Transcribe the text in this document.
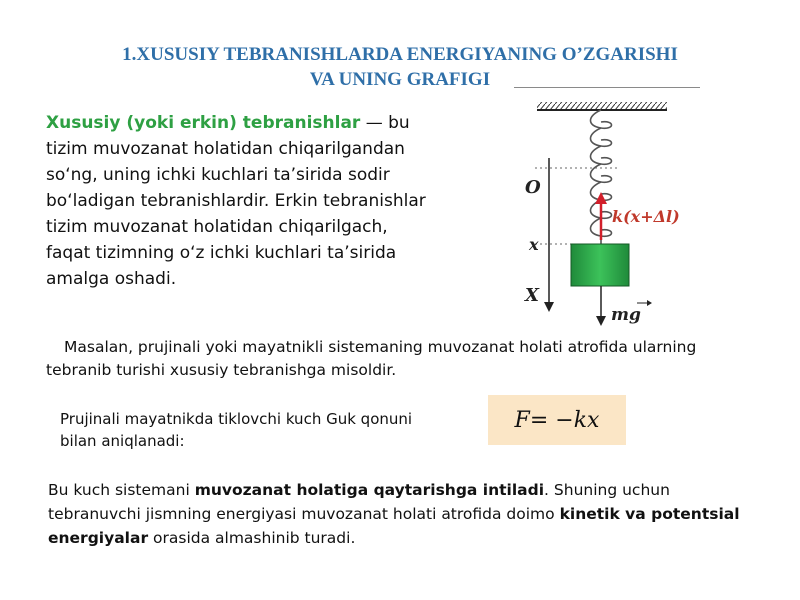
1.XUSUSIY TEBRANISHLARDA ENERGIYANING O’ZGARISHI
VA UNING GRAFIGI
Xususiy (yoki erkin) tebranishlar — bu tizim muvozanat holatidan chiqarilgandan so‘ng, uning ichki kuchlari ta’sirida sodir bo‘ladigan tebranishlardir. Erkin tebranishlar tizim muvozanat holatidan chiqarilgach, faqat tizimning o‘z ichki kuchlari ta’sirida amalga oshadi.
O
x
X
k(x+Δl)
mg
Masalan, prujinali yoki mayatnikli sistemaning muvozanat holati atrofida ularning tebranib turishi xususiy tebranishga misoldir.
Prujinali mayatnikda tiklovchi kuch Guk qonuni bilan aniqlanadi:
F = − kx
Bu kuch sistemani muvozanat holatiga qaytarishga intiladi. Shuning uchun tebranuvchi jismning energiyasi muvozanat holati atrofida doimo kinetik va potentsial energiyalar orasida almashinib turadi.
